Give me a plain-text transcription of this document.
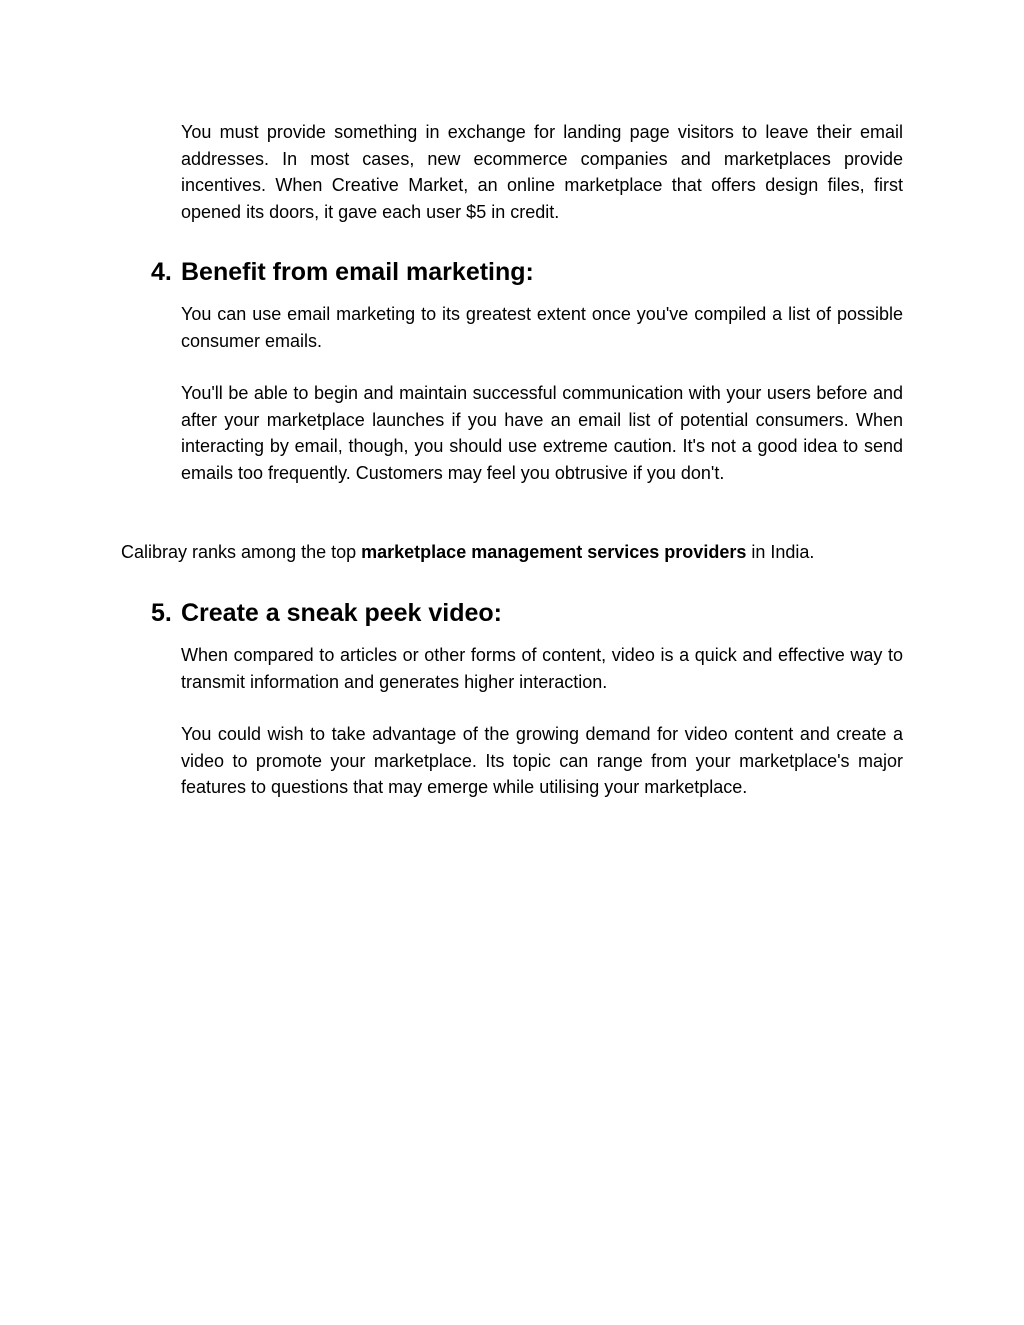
You must provide something in exchange for landing page visitors to leave their email addresses. In most cases, new ecommerce companies and marketplaces provide incentives. When Creative Market, an online marketplace that offers design files, first opened its doors, it gave each user $5 in credit.

4. Benefit from email marketing:

You can use email marketing to its greatest extent once you've compiled a list of possible consumer emails.

You'll be able to begin and maintain successful communication with your users before and after your marketplace launches if you have an email list of potential consumers. When interacting by email, though, you should use extreme caution. It's not a good idea to send emails too frequently. Customers may feel you obtrusive if you don't.

Calibray ranks among the top marketplace management services providers in India.

5. Create a sneak peek video:

When compared to articles or other forms of content, video is a quick and effective way to transmit information and generates higher interaction.

You could wish to take advantage of the growing demand for video content and create a video to promote your marketplace. Its topic can range from your marketplace's major features to questions that may emerge while utilising your marketplace.
